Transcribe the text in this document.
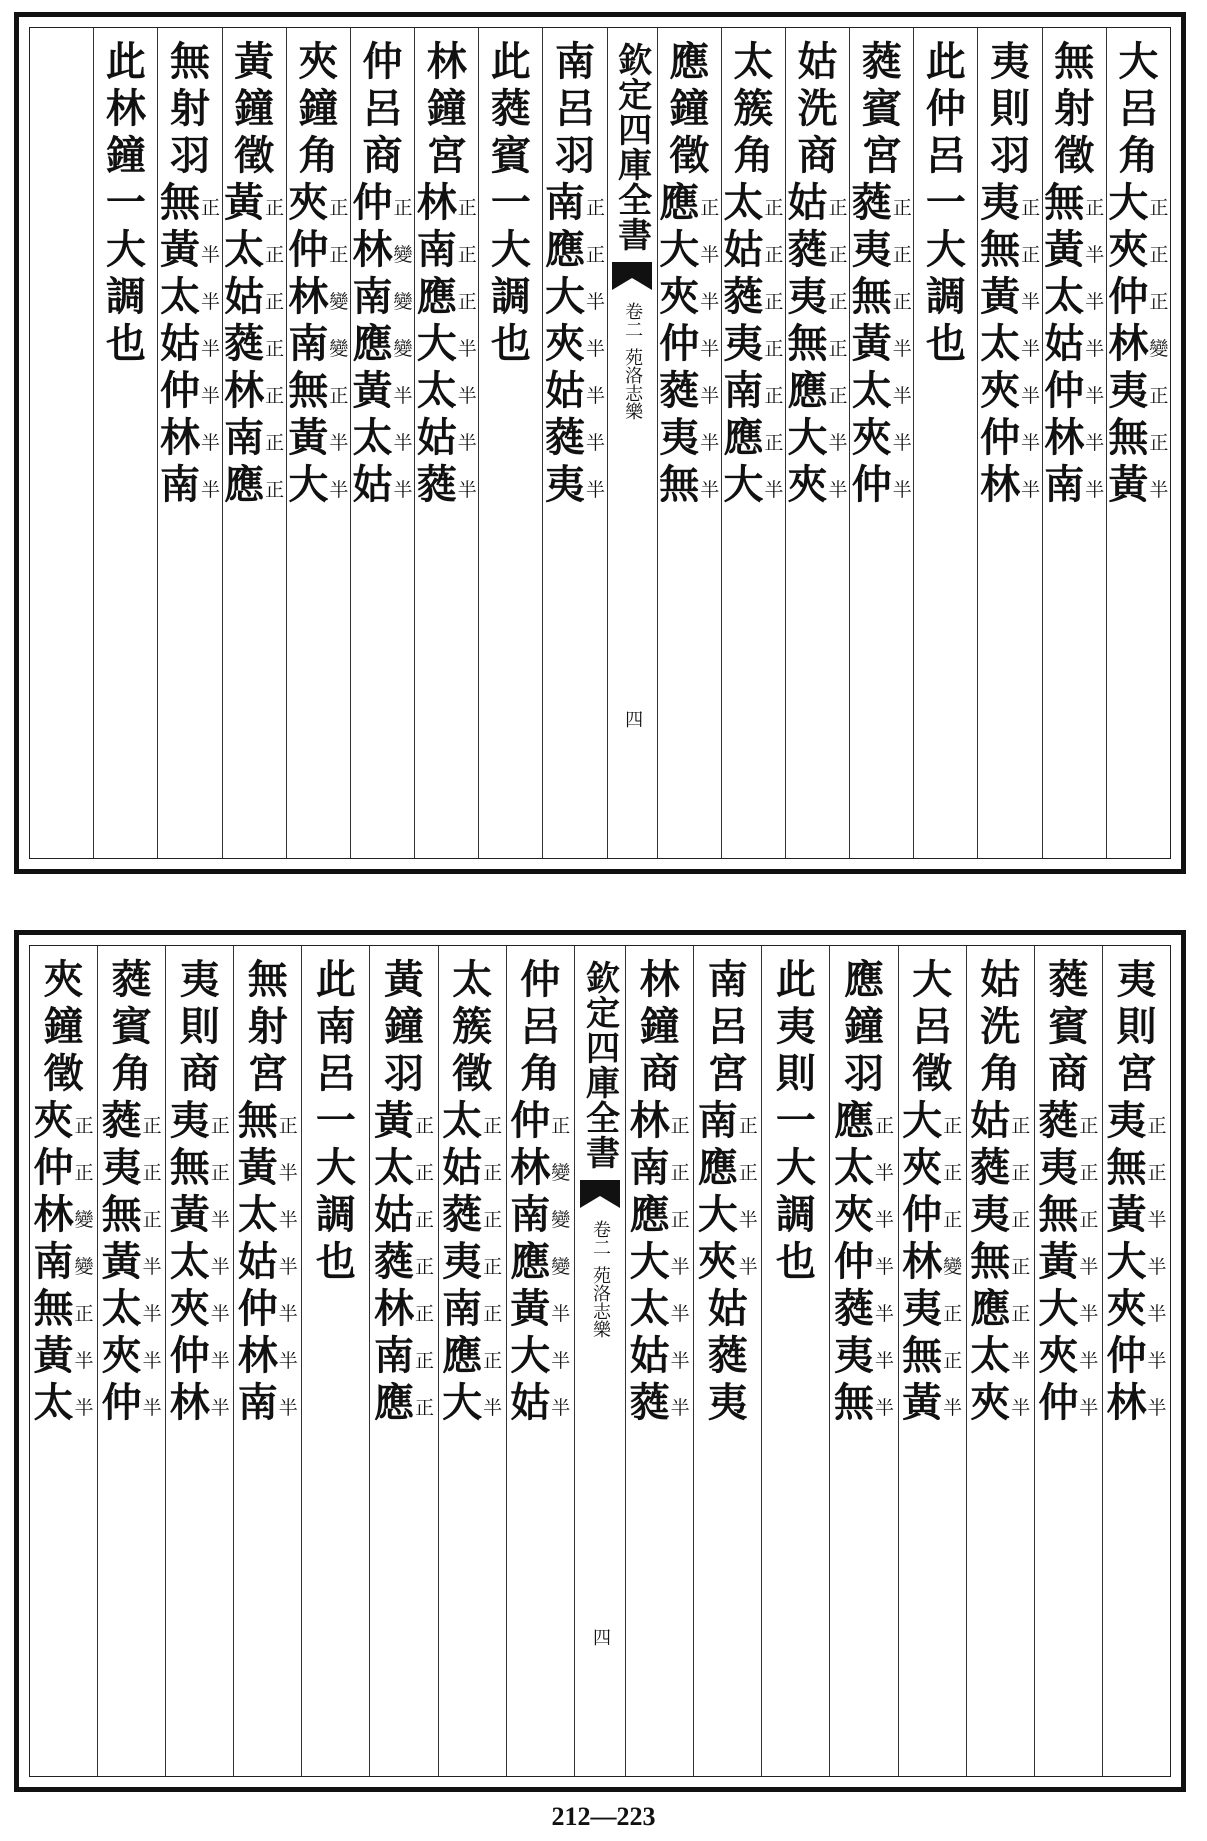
大
呂
角
大 正
夾 正
仲 正
林 變
夷 正
無 正
黃 半
無
射
徵
無 正
黃 半
太 半
姑 半
仲 半
林 半
南 半
夷
則
羽
夷 正
無 正
黃 半
太 半
夾 半
仲 半
林 半
此
仲
呂
一
大
調
也
蕤
賓
宮
蕤 正
夷 正
無 正
黃 半
太 半
夾 半
仲 半
姑
洗
商
姑 正
蕤 正
夷 正
無 正
應 正
大 半
夾 半
太
簇
角
太 正
姑 正
蕤 正
夷 正
南 正
應 正
大 半
應
鐘
徵
應 正
大 半
夾 半
仲 半
蕤 半
夷 半
無 半
欽定四庫全書
卷二
苑洛志樂
四
南
呂
羽
南 正
應 正
大 半
夾 半
姑 半
蕤 半
夷 半
此
蕤
賓
一
大
調
也
林
鐘
宮
林 正
南 正
應 正
大 半
太 半
姑 半
蕤 半
仲
呂
商
仲 正
林 變
南 變
應 變
黃 半
太 半
姑 半
夾
鐘
角
夾 正
仲 正
林 變
南 變
無 正
黃 半
大 半
黃
鐘
徵
黃 正
太 正
姑 正
蕤 正
林 正
南 正
應 正
無
射
羽
無 正
黃 半
太 半
姑 半
仲 半
林 半
南 半
此
林
鐘
一
大
調
也
夷
則
宮
夷 正
無 正
黃 半
大 半
夾 半
仲 半
林 半
蕤
賓
商
蕤 正
夷 正
無 正
黃 半
大 半
夾 半
仲 半
姑
洗
角
姑 正
蕤 正
夷 正
無 正
應 正
太 半
夾 半
大
呂
徵
大 正
夾 正
仲 正
林 變
夷 正
無 正
黃 半
應
鐘
羽
應 正
太 半
夾 半
仲 半
蕤 半
夷 半
無 半
此
夷
則
一
大
調
也
南
呂
宮
南 正
應 正
大 半
夾 半
姑
蕤
夷
林
鐘
商
林 正
南 正
應 正
大 半
太 半
姑 半
蕤 半
欽定四庫全書
卷二
苑洛志樂
四
仲
呂
角
仲 正
林 變
南 變
應 變
黃 半
大 半
姑 半
太
簇
徵
太 正
姑 正
蕤 正
夷 正
南 正
應 正
大 半
黃
鐘
羽
黃 正
太 正
姑 正
蕤 正
林 正
南 正
應 正
此
南
呂
一
大
調
也
無
射
宮
無 正
黃 半
太 半
姑 半
仲 半
林 半
南 半
夷
則
商
夷 正
無 正
黃 半
太 半
夾 半
仲 半
林 半
蕤
賓
角
蕤 正
夷 正
無 正
黃 半
太 半
夾 半
仲 半
夾
鐘
徵
夾 正
仲 正
林 變
南 變
無 正
黃 半
太 半
212—223
